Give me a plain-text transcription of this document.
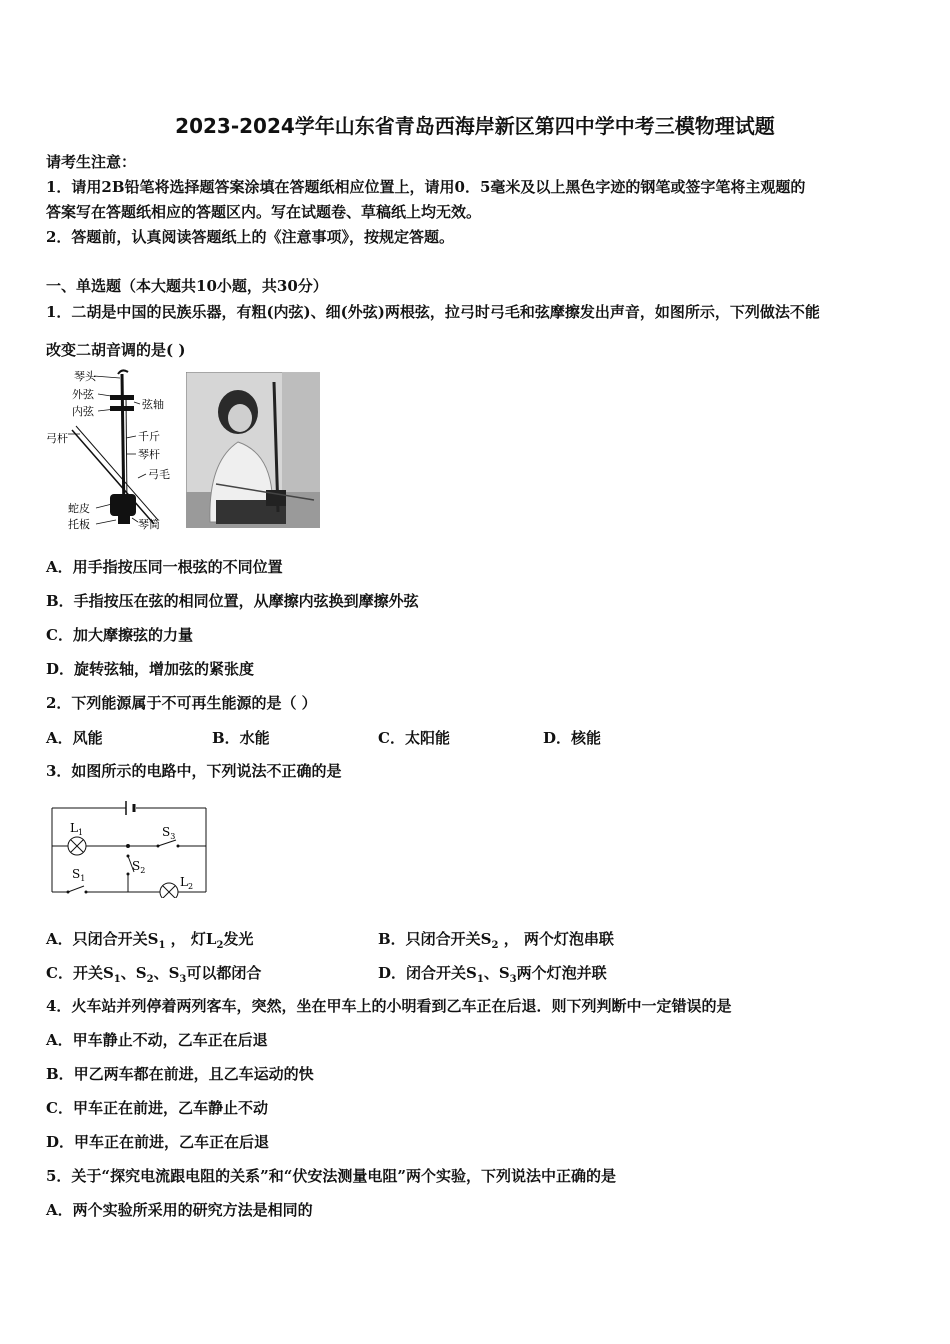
2023-2024学年山东省青岛西海岸新区第四中学中考三模物理试题
请考生注意：
1．请用2B铅笔将选择题答案涂填在答题纸相应位置上，请用0．5毫米及以上黑色字迹的钢笔或签字笔将主观题的
答案写在答题纸相应的答题区内。写在试题卷、草稿纸上均无效。
2．答题前，认真阅读答题纸上的《注意事项》，按规定答题。
一、单选题（本大题共10小题，共30分）
1．二胡是中国的民族乐器，有粗(内弦)、细(外弦)两根弦，拉弓时弓毛和弦摩擦发出声音，如图所示，下列做法不能
改变二胡音调的是( )
琴头
外弦
内弦
弦轴
弓杆	千斤
琴杆
弓毛
蛇皮
托板	琴筒
A．用手指按压同一根弦的不同位置
B．手指按压在弦的相同位置，从摩擦内弦换到摩擦外弦
C．加大摩擦弦的力量
D．旋转弦轴，增加弦的紧张度
2．下列能源属于不可再生能源的是（ ）
A．风能	B．水能	C．太阳能	D．核能
3．如图所示的电路中，下列说法不正确的是
$L_1$	$S_3$
$S_2$
$S_1$	$L_2$
A．只闭合开关$S_1$ ， 灯$L_2$发光	B．只闭合开关$S_2$ ， 两个灯泡串联
C．开关$S_1$、$S_2$、$S_3$可以都闭合	D．闭合开关$S_1$、$S_3$两个灯泡并联
4．火车站并列停着两列客车，突然，坐在甲车上的小明看到乙车正在后退．则下列判断中一定错误的是
A．甲车静止不动，乙车正在后退
B．甲乙两车都在前进，且乙车运动的快
C．甲车正在前进，乙车静止不动
D．甲车正在前进，乙车正在后退
5．关于“探究电流跟电阻的关系”和“伏安法测量电阻”两个实验，下列说法中正确的是
A．两个实验所采用的研究方法是相同的
